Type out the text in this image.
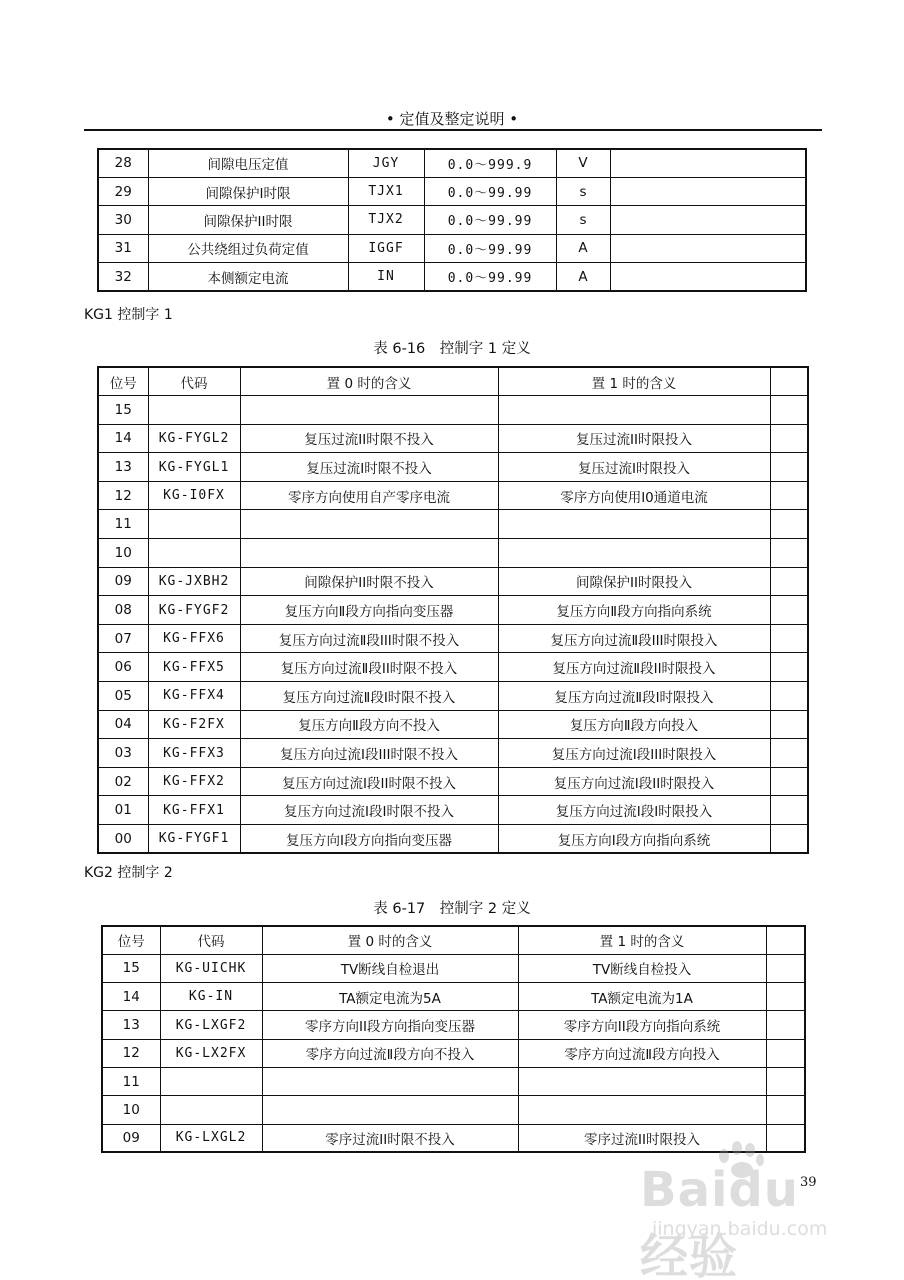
• 定值及整定说明 •
28	间隙电压定值	JGY	0.0～999.9	V	
29	间隙保护I时限	TJX1	0.0～99.99	s	
30	间隙保护II时限	TJX2	0.0～99.99	s	
31	公共绕组过负荷定值	IGGF	0.0～99.99	A	
32	本侧额定电流	IN	0.0～99.99	A	
KG1 控制字 1
表 6-16　控制字 1 定义
位号	代码	置 0 时的含义	置 1 时的含义	
15				
14	KG-FYGL2	复压过流II时限不投入	复压过流II时限投入	
13	KG-FYGL1	复压过流I时限不投入	复压过流I时限投入	
12	KG-I0FX	零序方向使用自产零序电流	零序方向使用I0通道电流	
11				
10				
09	KG-JXBH2	间隙保护II时限不投入	间隙保护II时限投入	
08	KG-FYGF2	复压方向Ⅱ段方向指向变压器	复压方向Ⅱ段方向指向系统	
07	KG-FFX6	复压方向过流Ⅱ段III时限不投入	复压方向过流Ⅱ段III时限投入	
06	KG-FFX5	复压方向过流Ⅱ段II时限不投入	复压方向过流Ⅱ段II时限投入	
05	KG-FFX4	复压方向过流Ⅱ段I时限不投入	复压方向过流Ⅱ段I时限投入	
04	KG-F2FX	复压方向Ⅱ段方向不投入	复压方向Ⅱ段方向投入	
03	KG-FFX3	复压方向过流I段III时限不投入	复压方向过流I段III时限投入	
02	KG-FFX2	复压方向过流I段II时限不投入	复压方向过流I段II时限投入	
01	KG-FFX1	复压方向过流I段I时限不投入	复压方向过流I段I时限投入	
00	KG-FYGF1	复压方向I段方向指向变压器	复压方向I段方向指向系统	
KG2 控制字 2
表 6-17　控制字 2 定义
位号	代码	置 0 时的含义	置 1 时的含义	
15	KG-UICHK	TV断线自检退出	TV断线自检投入	
14	KG-IN	TA额定电流为5A	TA额定电流为1A	
13	KG-LXGF2	零序方向II段方向指向变压器	零序方向II段方向指向系统	
12	KG-LX2FX	零序方向过流Ⅱ段方向不投入	零序方向过流Ⅱ段方向投入	
11				
10				
09	KG-LXGL2	零序过流II时限不投入	零序过流II时限投入	
39
Baidu 经验
jingyan.baidu.com
